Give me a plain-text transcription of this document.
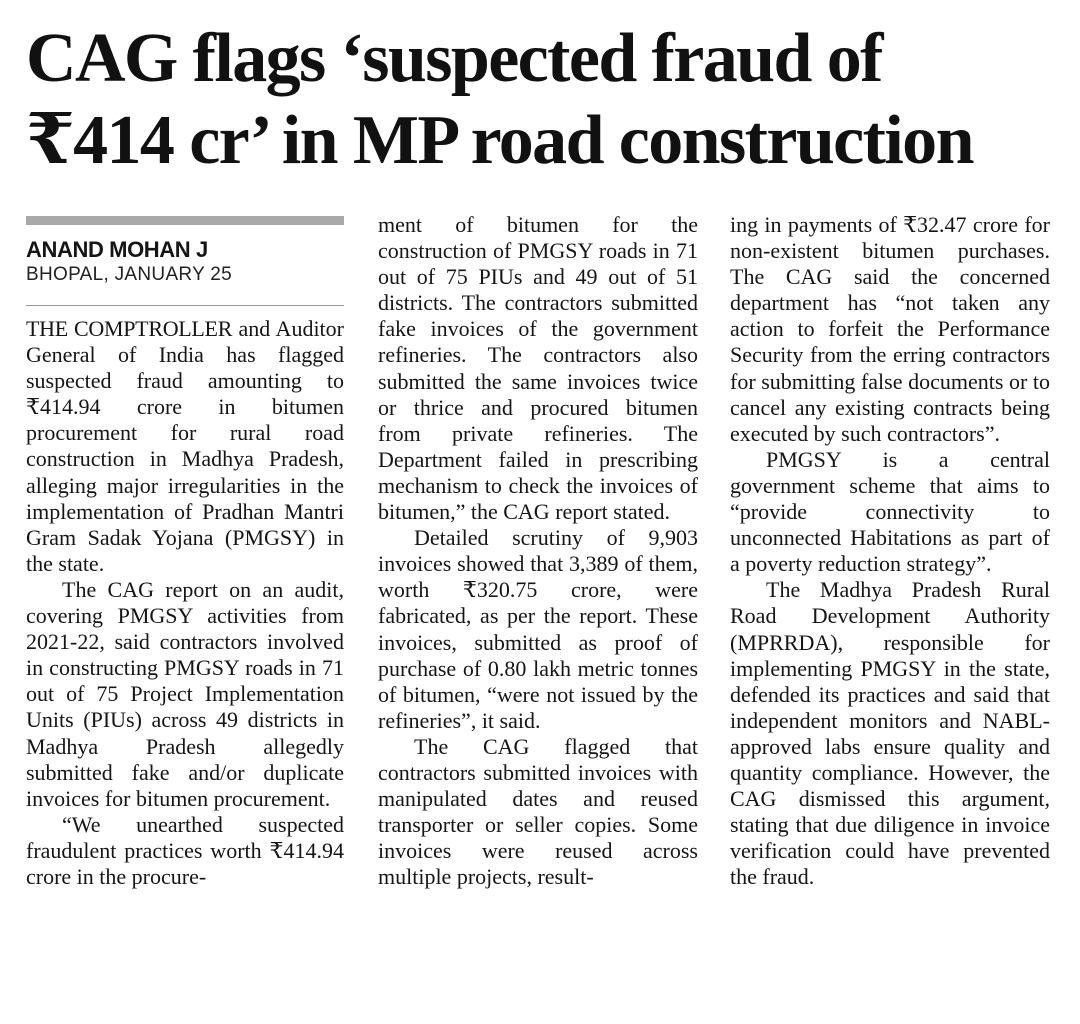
CAG flags ‘suspected fraud of
₹414 cr’ in MP road construction
ANAND MOHAN J
BHOPAL, JANUARY 25

THE COMPTROLLER and Auditor General of India has flagged suspected fraud amounting to ₹414.94 crore in bitumen procurement for rural road construction in Madhya Pradesh, alleging major irregularities in the implementation of Pradhan Mantri Gram Sadak Yojana (PMGSY) in the state.

The CAG report on an audit, covering PMGSY activities from 2021-22, said contractors involved in constructing PMGSY roads in 71 out of 75 Project Implementation Units (PIUs) across 49 districts in Madhya Pradesh allegedly submitted fake and/or duplicate invoices for bitumen procurement.

“We unearthed suspected fraudulent practices worth ₹414.94 crore in the procure-

ment of bitumen for the construction of PMGSY roads in 71 out of 75 PIUs and 49 out of 51 districts. The contractors submitted fake invoices of the government refineries. The contractors also submitted the same invoices twice or thrice and procured bitumen from private refineries. The Department failed in prescribing mechanism to check the invoices of bitumen,” the CAG report stated.

Detailed scrutiny of 9,903 invoices showed that 3,389 of them, worth ₹320.75 crore, were fabricated, as per the report. These invoices, submitted as proof of purchase of 0.80 lakh metric tonnes of bitumen, “were not issued by the refineries”, it said.

The CAG flagged that contractors submitted invoices with manipulated dates and reused transporter or seller copies. Some invoices were reused across multiple projects, result-

ing in payments of ₹32.47 crore for non-existent bitumen purchases. The CAG said the concerned department has “not taken any action to forfeit the Performance Security from the erring contractors for submitting false documents or to cancel any existing contracts being executed by such contractors”.

PMGSY is a central government scheme that aims to “provide connectivity to unconnected Habitations as part of a poverty reduction strategy”.

The Madhya Pradesh Rural Road Development Authority (MPRRDA), responsible for implementing PMGSY in the state, defended its practices and said that independent monitors and NABL-approved labs ensure quality and quantity compliance. However, the CAG dismissed this argument, stating that due diligence in invoice verification could have prevented the fraud.
